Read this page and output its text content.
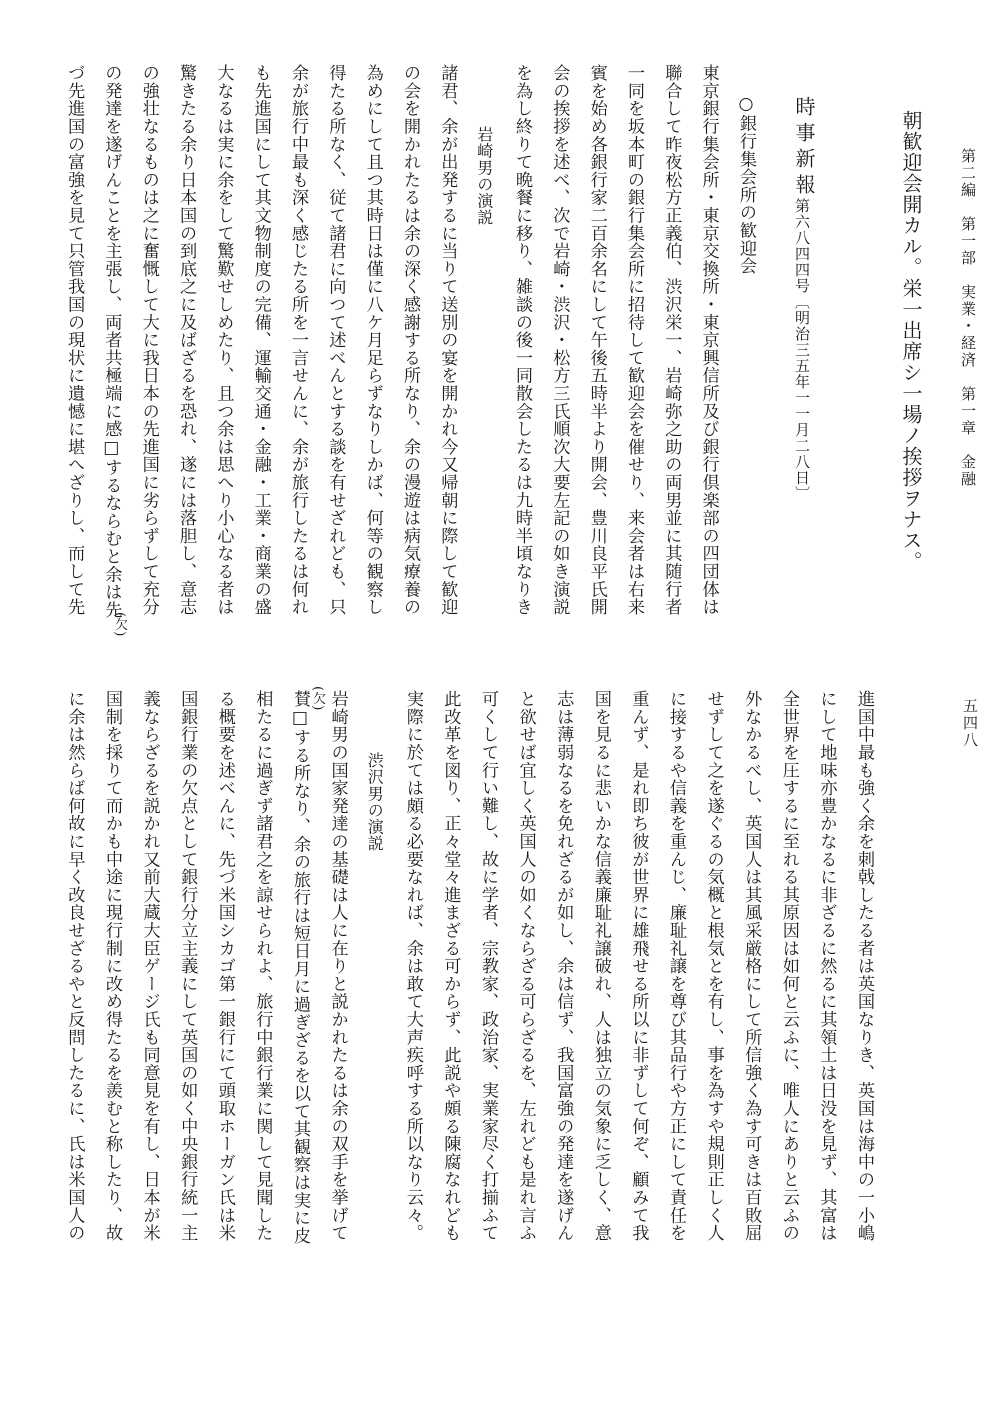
第二編　第一部　実業・経済　第一章　金融
五四八
朝歓迎会開カル。栄一出席シ一場ノ挨拶ヲナス。
時事新報
第六八四四号〔明治三五年一一月二八日〕
○銀行集会所の歓迎会
東京銀行集会所・東京交換所・東京興信所及び銀行倶楽部の四団体は
聯合して昨夜松方正義伯、渋沢栄一、岩崎弥之助の両男並に其随行者
一同を坂本町の銀行集会所に招待して歓迎会を催せり、来会者は右来
賓を始め各銀行家二百余名にして午後五時半より開会、豊川良平氏開
会の挨拶を述べ、次で岩崎・渋沢・松方三氏順次大要左記の如き演説
を為し終りて晩餐に移り、雑談の後一同散会したるは九時半頃なりき
岩崎男の演説
諸君、余が出発するに当りて送別の宴を開かれ今又帰朝に際して歓迎
の会を開かれたるは余の深く感謝する所なり、余の漫遊は病気療養の
為めにして且つ其時日は僅に八ケ月足らずなりしかば、何等の観察し
得たる所なく、従て諸君に向つて述べんとする談を有せざれども、只
余が旅行中最も深く感じたる所を一言せんに、余が旅行したるは何れ
も先進国にして其文物制度の完備、運輸交通・金融・工業・商業の盛
大なるは実に余をして驚歎せしめたり、且つ余は思へり小心なる者は
驚きたる余り日本国の到底之に及ばざるを恐れ、遂には落胆し、意志
の強壮なるものは之に奮慨して大に我日本の先進国に劣らずして充分
の発達を遂げんことを主張し、両者共極端に感□するならむと余は先
づ先進国の富強を見て只管我国の現状に遺憾に堪へざりし、而して先
進国中最も強く余を刺戟したる者は英国なりき、英国は海中の一小嶋
にして地味亦豊かなるに非ざるに然るに其領土は日没を見ず、其富は
全世界を圧するに至れる其原因は如何と云ふに、唯人にありと云ふの
外なかるべし、英国人は其風采厳格にして所信強く為す可きは百敗屈
せずして之を遂ぐるの気概と根気とを有し、事を為すや規則正しく人
に接するや信義を重んじ、廉耻礼譲を尊び其品行や方正にして責任を
重んず、是れ即ち彼が世界に雄飛せる所以に非ずして何ぞ、顧みて我
国を見るに悲いかな信義廉耻礼譲破れ、人は独立の気象に乏しく、意
志は薄弱なるを免れざるが如し、余は信ず、我国富強の発達を遂げん
と欲せば宜しく英国人の如くならざる可らざるを、左れども是れ言ふ
可くして行い難し、故に学者、宗教家、政治家、実業家尽く打揃ふて
此改革を図り、正々堂々進まざる可からず、此説や頗る陳腐なれども
実際に於ては頗る必要なれば、余は敢て大声疾呼する所以なり云々。
渋沢男の演説
岩崎男の国家発達の基礎は人に在りと説かれたるは余の双手を挙げて
賛□する所なり、余の旅行は短日月に過ぎざるを以て其観察は実に皮
相たるに過ぎず諸君之を諒せられよ、旅行中銀行業に関して見聞した
る概要を述べんに、先づ米国シカゴ第一銀行にて頭取ホーガン氏は米
国銀行業の欠点として銀行分立主義にして英国の如く中央銀行統一主
義ならざるを説かれ又前大蔵大臣ゲージ氏も同意見を有し、日本が米
国制を採りて而かも中途に現行制に改め得たるを羨むと称したり、故
に余は然らば何故に早く改良せざるやと反問したるに、氏は米国人の
(欠)
(欠)
